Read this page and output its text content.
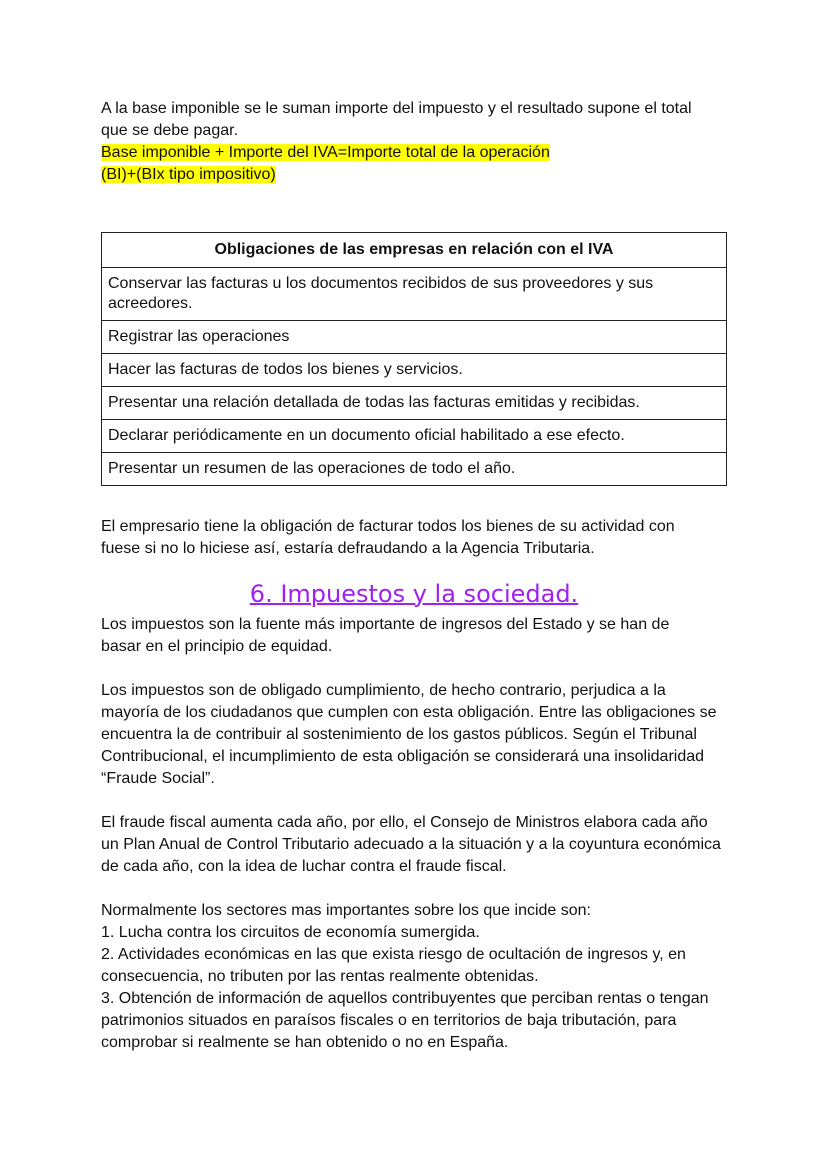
A la base imponible se le suman importe del impuesto y el resultado supone el total que se debe pagar.

Base imponible + Importe del IVA=Importe total de la operación

(BI)+(BIx tipo impositivo)

Obligaciones de las empresas en relación con el IVA
Conservar las facturas u los documentos recibidos de sus proveedores y sus acreedores.
Registrar las operaciones
Hacer las facturas de todos los bienes y servicios.
Presentar una relación detallada de todas las facturas emitidas y recibidas.
Declarar periódicamente en un documento oficial habilitado a ese efecto.
Presentar un resumen de las operaciones de todo el año.
El empresario tiene la obligación de facturar todos los bienes de su actividad con fuese si no lo hiciese así, estaría defraudando a la Agencia Tributaria.
6. Impuestos y la sociedad.
Los impuestos son la fuente más importante de ingresos del Estado y se han de basar en el principio de equidad.
Los impuestos son de obligado cumplimiento, de hecho contrario, perjudica a la mayoría de los ciudadanos que cumplen con esta obligación. Entre las obligaciones se encuentra la de contribuir al sostenimiento de los gastos públicos. Según el Tribunal Contribucional, el incumplimiento de esta obligación se considerará una insolidaridad “Fraude Social”.
El fraude fiscal aumenta cada año, por ello, el Consejo de Ministros elabora cada año un Plan Anual de Control Tributario adecuado a la situación y a la coyuntura económica de cada año, con la idea de luchar contra el fraude fiscal.

Normalmente los sectores mas importantes sobre los que incide son:

1. Lucha contra los circuitos de economía sumergida.

2. Actividades económicas en las que exista riesgo de ocultación de ingresos y, en consecuencia, no tributen por las rentas realmente obtenidas.

3. Obtención de información de aquellos contribuyentes que perciban rentas o tengan patrimonios situados en paraísos fiscales o en territorios de baja tributación, para comprobar si realmente se han obtenido o no en España.
